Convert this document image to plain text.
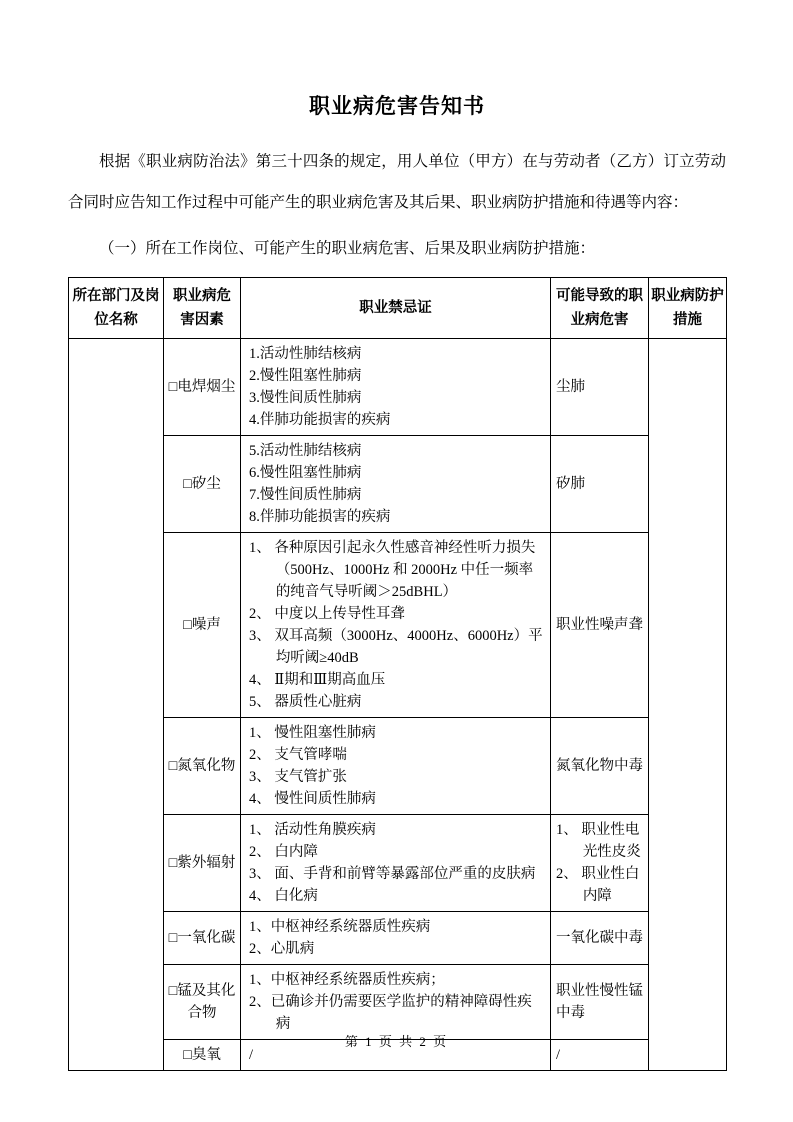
职业病危害告知书

根据《职业病防治法》第三十四条的规定，用人单位（甲方）在与劳动者（乙方）订立劳动合同时应告知工作过程中可能产生的职业病危害及其后果、职业病防护措施和待遇等内容：

（一）所在工作岗位、可能产生的职业病危害、后果及职业病防护措施：

所在部门及岗位名称	职业病危害因素	职业禁忌证	可能导致的职业病危害	职业病防护措施
	□电焊烟尘	1.活动性肺结核病
2.慢性阻塞性肺病
3.慢性间质性肺病
4.伴肺功能损害的疾病	尘肺	

	□矽尘	5.活动性肺结核病
6.慢性阻塞性肺病
7.慢性间质性肺病
8.伴肺功能损害的疾病	矽肺	

	□噪声	1、 各种原因引起永久性感音神经性听力损失（500Hz、1000Hz 和 2000Hz 中任一频率的纯音气导听阈＞25dBHL）
2、 中度以上传导性耳聋
3、 双耳高频（3000Hz、4000Hz、6000Hz）平均听阈≥40dB
4、 Ⅱ期和Ⅲ期高血压
5、 器质性心脏病	职业性噪声聋	

	□氮氧化物	1、 慢性阻塞性肺病
2、 支气管哮喘
3、 支气管扩张
4、 慢性间质性肺病	氮氧化物中毒	

	□紫外辐射	1、 活动性角膜疾病
2、 白内障
3、 面、手背和前臂等暴露部位严重的皮肤病
4、 白化病	1、 职业性电光性皮炎
2、 职业性白内障	

	□一氧化碳	1、中枢神经系统器质性疾病
2、心肌病	一氧化碳中毒	

	□锰及其化合物	1、中枢神经系统器质性疾病；
2、已确诊并仍需要医学监护的精神障碍性疾病	职业性慢性锰中毒	

	□臭氧	/	/	
第 1 页 共 2 页
